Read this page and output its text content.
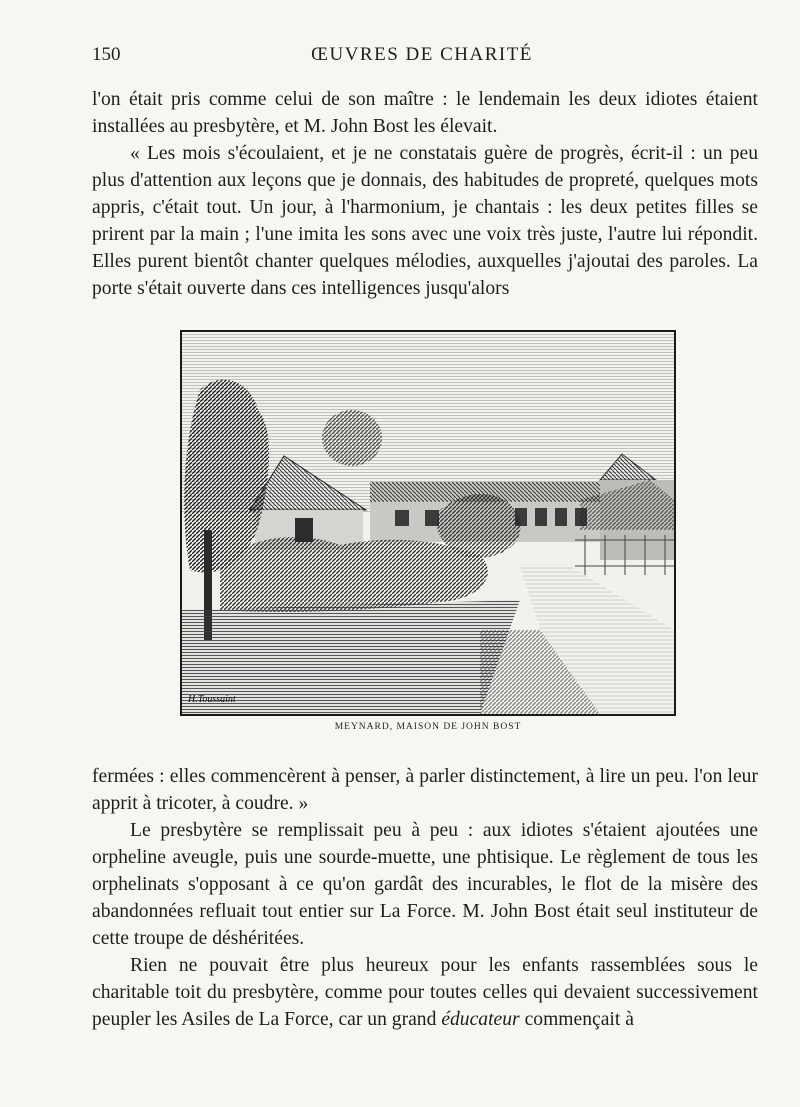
150	ŒUVRES DE CHARITÉ

l'on était pris comme celui de son maître : le lendemain les deux idiotes étaient installées au presbytère, et M. John Bost les élevait.

« Les mois s'écoulaient, et je ne constatais guère de progrès, écrit-il : un peu plus d'attention aux leçons que je donnais, des habitudes de propreté, quelques mots appris, c'était tout. Un jour, à l'harmonium, je chantais : les deux petites filles se prirent par la main ; l'une imita les sons avec une voix très juste, l'autre lui répondit. Elles purent bientôt chanter quelques mélodies, auxquelles j'ajoutai des paroles. La porte s'était ouverte dans ces intelligences jusqu'alors

H.Toussaint
MEYNARD, MAISON DE JOHN BOST

fermées : elles commencèrent à penser, à parler distinctement, à lire un peu. l'on leur apprit à tricoter, à coudre. »

Le presbytère se remplissait peu à peu : aux idiotes s'étaient ajoutées une orpheline aveugle, puis une sourde-muette, une phtisique. Le règlement de tous les orphelinats s'opposant à ce qu'on gardât des incurables, le flot de la misère des abandonnées refluait tout entier sur La Force. M. John Bost était seul instituteur de cette troupe de déshéritées.

Rien ne pouvait être plus heureux pour les enfants rassemblées sous le charitable toit du presbytère, comme pour toutes celles qui devaient successivement peupler les Asiles de La Force, car un grand éducateur commençait à
